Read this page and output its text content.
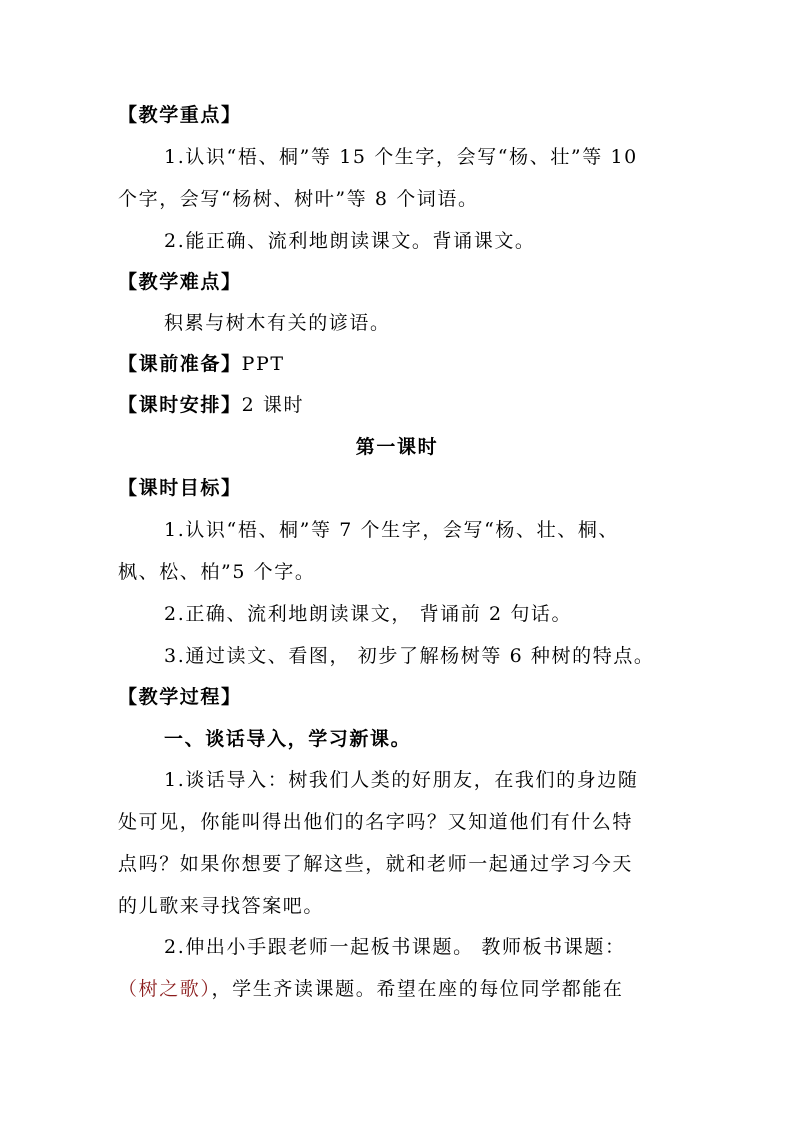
【教学重点】
1.认识“梧、桐”等 15 个生字，会写“杨、壮”等 10
个字，会写“杨树、树叶”等 8 个词语。
2.能正确、流利地朗读课文。背诵课文。
【教学难点】
积累与树木有关的谚语。
【课前准备】PPT
【课时安排】2 课时
第一课时
【课时目标】
1.认识“梧、桐”等 7 个生字，会写“杨、壮、桐、
枫、松、柏”5 个字。
2.正确、流利地朗读课文， 背诵前 2 句话。
3.通过读文、看图， 初步了解杨树等 6 种树的特点。
【教学过程】
一、谈话导入，学习新课。
1.谈话导入：树我们人类的好朋友，在我们的身边随
处可见，你能叫得出他们的名字吗？又知道他们有什么特
点吗？如果你想要了解这些，就和老师一起通过学习今天
的儿歌来寻找答案吧。
2.伸出小手跟老师一起板书课题。 教师板书课题：
（树之歌），学生齐读课题。希望在座的每位同学都能在
